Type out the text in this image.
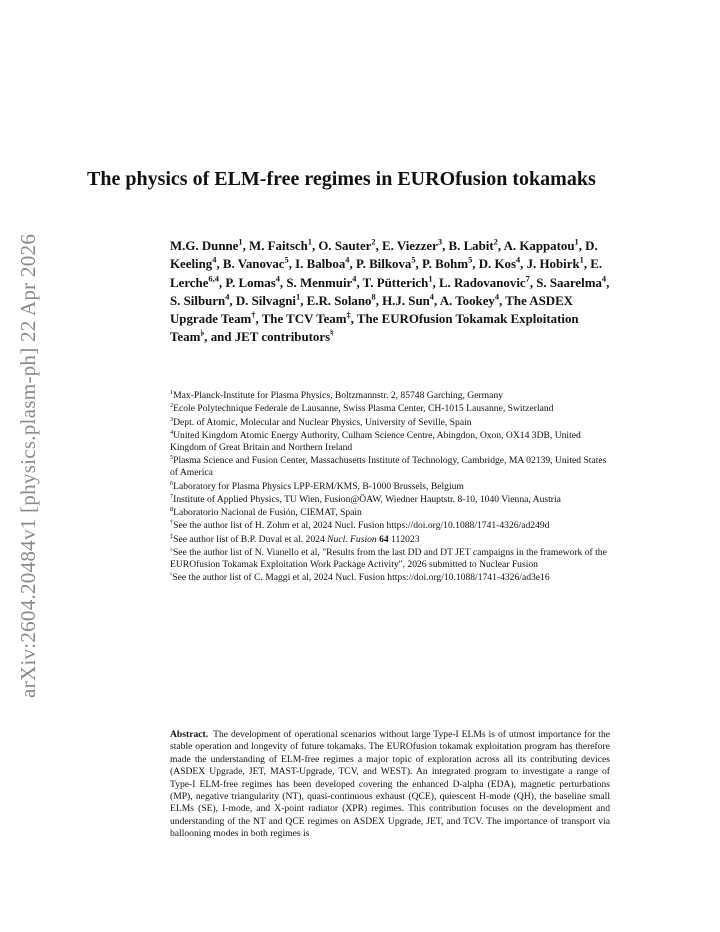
arXiv:2604.20484v1 [physics.plasm-ph] 22 Apr 2026
The physics of ELM-free regimes in EUROfusion tokamaks

M.G. Dunne$^1$, M. Faitsch$^1$, O. Sauter$^2$, E. Viezzer$^3$, B. Labit$^2$, A. Kappatou$^1$, D. Keeling$^4$, B. Vanovac$^5$, I. Balboa$^4$, P. Bilkova$^5$, P. Bohm$^5$, D. Kos$^4$, J. Hobirk$^1$, E. Lerche$^{6,4}$, P. Lomas$^4$, S. Menmuir$^4$, T. Pütterich$^1$, L. Radovanovic$^7$, S. Saarelma$^4$, S. Silburn$^4$, D. Silvagni$^1$, E.R. Solano$^8$, H.J. Sun$^4$, A. Tookey$^4$, The ASDEX Upgrade Team†, The TCV Team‡, The EUROfusion Tokamak Exploitation Team♭, and JET contributors♮

$^1$Max-Planck-Institute for Plasma Physics, Boltzmannstr. 2, 85748 Garching, Germany
$^2$Ecole Polytechnique Federale de Lausanne, Swiss Plasma Center, CH-1015 Lausanne, Switzerland
$^3$Dept. of Atomic, Molecular and Nuclear Physics, University of Seville, Spain
$^4$United Kingdom Atomic Energy Authority, Culham Science Centre, Abingdon, Oxon, OX14 3DB, United Kingdom of Great Britain and Northern Ireland
$^5$Plasma Science and Fusion Center, Massachusetts Institute of Technology, Cambridge, MA 02139, United States of America
$^6$Laboratory for Plasma Physics LPP-ERM/KMS, B-1000 Brussels, Belgium
$^7$Institute of Applied Physics, TU Wien, Fusion@ÖAW, Wiedner Hauptstr. 8-10, 1040 Vienna, Austria
$^8$Laboratorio Nacional de Fusión, CIEMAT, Spain
†See the author list of H. Zohm et al, 2024 Nucl. Fusion https://doi.org/10.1088/1741-4326/ad249d
‡See author list of B.P. Duval et al. 2024 Nucl. Fusion 64 112023
♭See the author list of N. Vianello et al, "Results from the last DD and DT JET campaigns in the framework of the EUROfusion Tokamak Exploitation Work Package Activity", 2026 submitted to Nuclear Fusion
♮See the author list of C. Maggi et al, 2024 Nucl. Fusion https://doi.org/10.1088/1741-4326/ad3e16

Abstract. The development of operational scenarios without large Type-I ELMs is of utmost importance for the stable operation and longevity of future tokamaks. The EUROfusion tokamak exploitation program has therefore made the understanding of ELM-free regimes a major topic of exploration across all its contributing devices (ASDEX Upgrade, JET, MAST-Upgrade, TCV, and WEST). An integrated program to investigate a range of Type-I ELM-free regimes has been developed covering the enhanced D-alpha (EDA), magnetic perturbations (MP), negative triangularity (NT), quasi-continuous exhaust (QCE), quiescent H-mode (QH), the baseline small ELMs (SE), I-mode, and X-point radiator (XPR) regimes. This contribution focuses on the development and understanding of the NT and QCE regimes on ASDEX Upgrade, JET, and TCV. The importance of transport via ballooning modes in both regimes is
